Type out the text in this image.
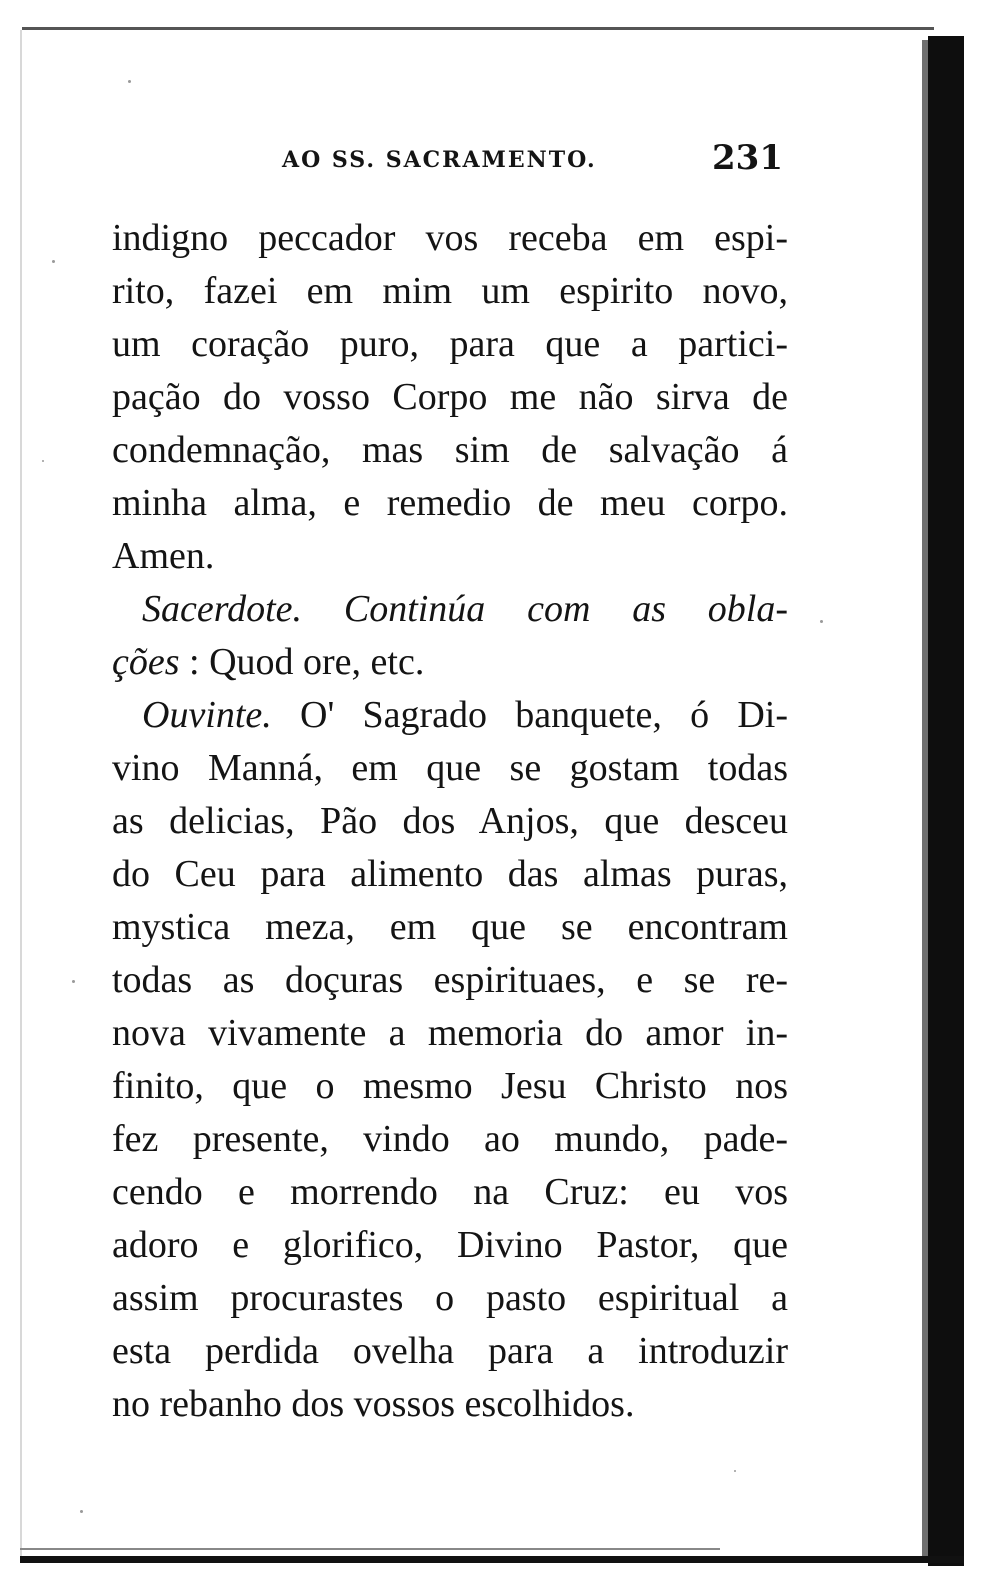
AO SS. SACRAMENTO.	231
indigno peccador vos receba em espi-
rito, fazei em mim um espirito novo,
um coração puro, para que a partici-
pação do vosso Corpo me não sirva de
condemnação, mas sim de salvação á
minha alma, e remedio de meu corpo.
Amen.
Sacerdote. Continúa com as obla-
ções : Quod ore, etc.
Ouvinte. O' Sagrado banquete, ó Di-
vino Manná, em que se gostam todas
as delicias, Pão dos Anjos, que desceu
do Ceu para alimento das almas puras,
mystica meza, em que se encontram
todas as doçuras espirituaes, e se re-
nova vivamente a memoria do amor in-
finito, que o mesmo Jesu Christo nos
fez presente, vindo ao mundo, pade-
cendo e morrendo na Cruz: eu vos
adoro e glorifico, Divino Pastor, que
assim procurastes o pasto espiritual a
esta perdida ovelha para a introduzir
no rebanho dos vossos escolhidos.
